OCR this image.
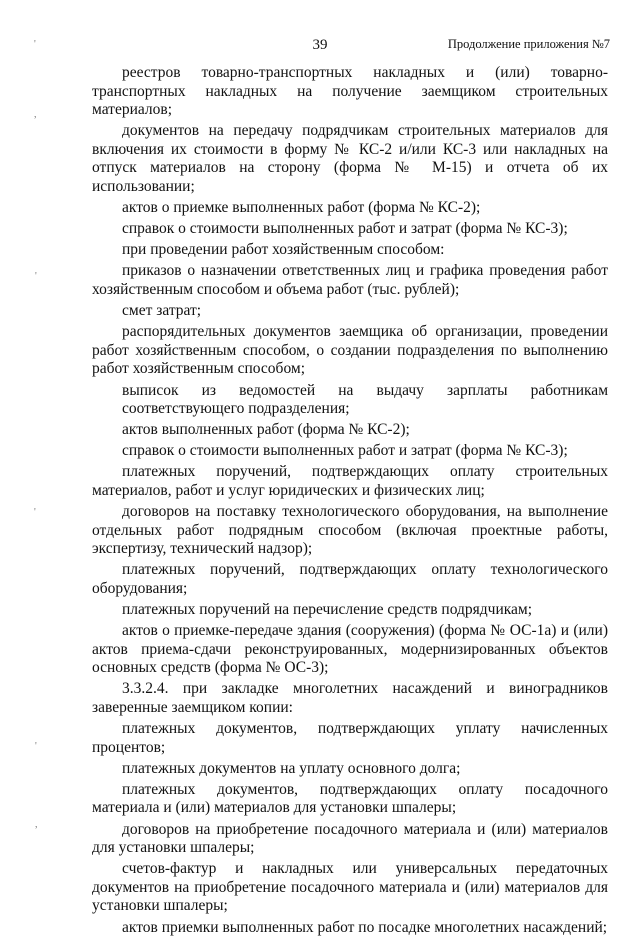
39	Продолжение приложения №7
'
,
'
'
'
,

реестров товарно-транспортных накладных и (или) товарно-транспортных накладных на получение заемщиком строительных материалов;

документов на передачу подрядчикам строительных материалов для включения их стоимости в форму № КС-2 и/или КС-3 или накладных на отпуск материалов на сторону (форма № М-15) и отчета об их использовании;

актов о приемке выполненных работ (форма № КС-2);

справок о стоимости выполненных работ и затрат (форма № КС-3);

при проведении работ хозяйственным способом:

приказов о назначении ответственных лиц и графика проведения работ хозяйственным способом и объема работ (тыс. рублей);

смет затрат;

распорядительных документов заемщика об организации, проведении работ хозяйственным способом, о создании подразделения по выполнению работ хозяйственным способом;

выписок из ведомостей на выдачу зарплаты работникам соответствующего подразделения;

актов выполненных работ (форма № КС-2);

справок о стоимости выполненных работ и затрат (форма № КС-3);

платежных поручений, подтверждающих оплату строительных материалов, работ и услуг юридических и физических лиц;

договоров на поставку технологического оборудования, на выполнение отдельных работ подрядным способом (включая проектные работы, экспертизу, технический надзор);

платежных поручений, подтверждающих оплату технологического оборудования;

платежных поручений на перечисление средств подрядчикам;

актов о приемке-передаче здания (сооружения) (форма № ОС-1а) и (или) актов приема-сдачи реконструированных, модернизированных объектов основных средств (форма № ОС-3);

3.3.2.4. при закладке многолетних насаждений и виноградников заверенные заемщиком копии:

платежных документов, подтверждающих уплату начисленных процентов;

платежных документов на уплату основного долга;

платежных документов, подтверждающих оплату посадочного материала и (или) материалов для установки шпалеры;

договоров на приобретение посадочного материала и (или) материалов для установки шпалеры;

счетов-фактур и накладных или универсальных передаточных документов на приобретение посадочного материала и (или) материалов для установки шпалеры;

актов приемки выполненных работ по посадке многолетних насаждений;
